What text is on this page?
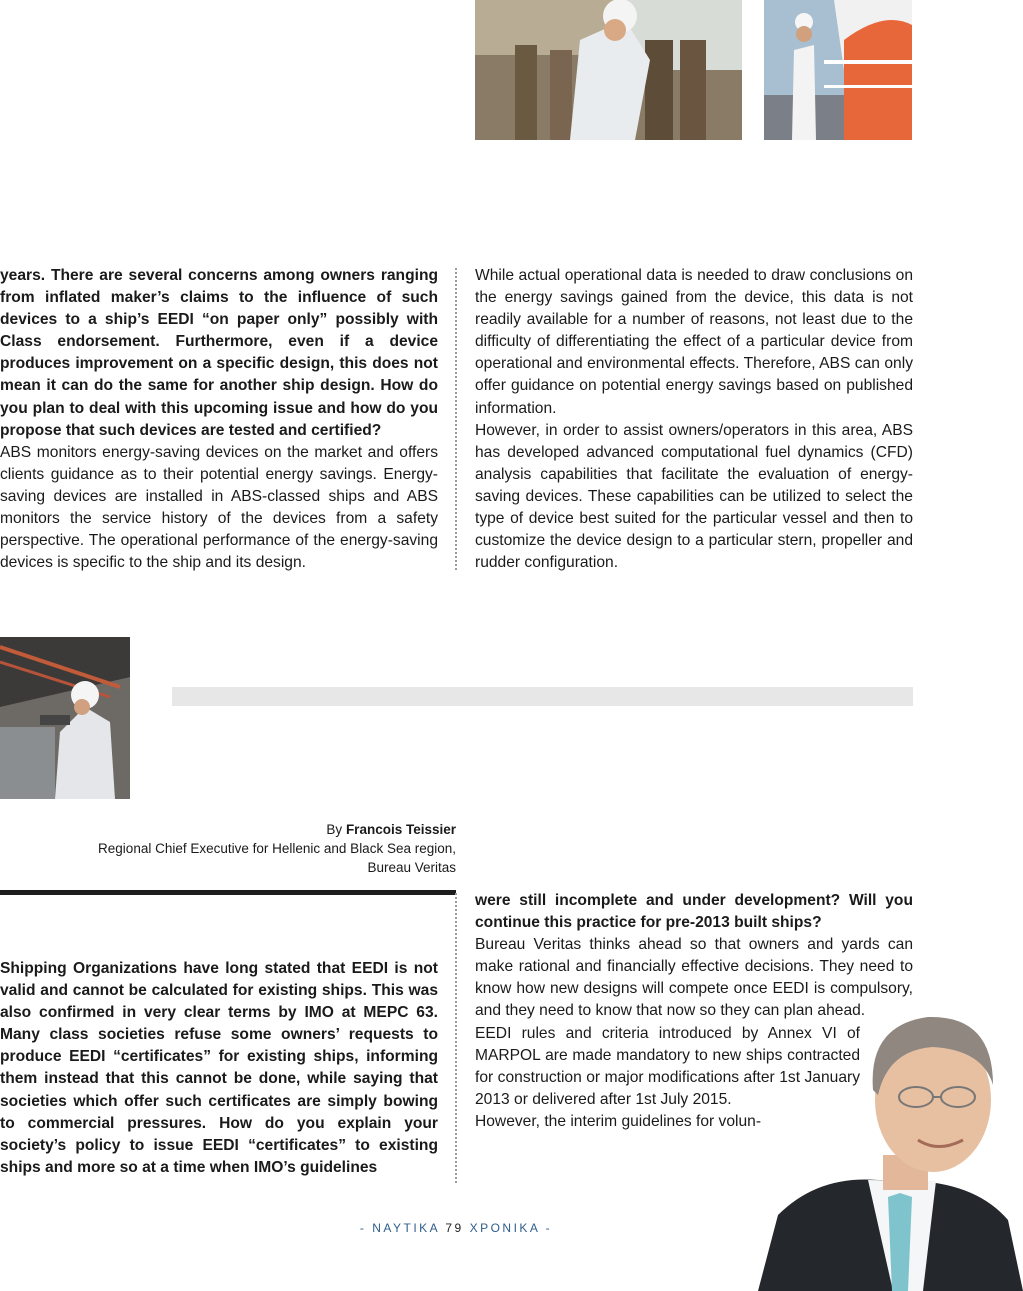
years. There are several concerns among owners ranging from inflated maker’s claims to the influence of such devices to a ship’s EEDI “on paper only” possibly with Class endorsement. Furthermore, even if a device produces improvement on a specific design, this does not mean it can do the same for another ship design. How do you plan to deal with this upcoming issue and how do you propose that such devices are tested and certified?

ABS monitors energy-saving devices on the market and offers clients guidance as to their potential energy savings. Energy-saving devices are installed in ABS-classed ships and ABS monitors the service history of the devices from a safety perspective. The operational performance of the energy-saving devices is specific to the ship and its design.

While actual operational data is needed to draw conclusions on the energy savings gained from the device, this data is not readily available for a number of reasons, not least due to the difficulty of differentiating the effect of a particular device from operational and environmental effects. Therefore, ABS can only offer guidance on potential energy savings based on published information.

However, in order to assist owners/operators in this area, ABS has developed advanced computational fuel dynamics (CFD) analysis capabilities that facilitate the evaluation of energy-saving devices. These capabilities can be utilized to select the type of device best suited for the particular vessel and then to customize the device design to a particular stern, propeller and rudder configuration.

By Francois Teissier

Regional Chief Executive for Hellenic and Black Sea region,

Bureau Veritas

Shipping Organizations have long stated that EEDI is not valid and cannot be calculated for existing ships. This was also confirmed in very clear terms by IMO at MEPC 63. Many class societies refuse some owners’ requests to produce EEDI “certificates” for existing ships, informing them instead that this cannot be done, while saying that societies which offer such certificates are simply bowing to commercial pressures. How do you explain your society’s policy to issue EEDI “certificates” to existing ships and more so at a time when IMO’s guidelines

were still incomplete and under development? Will you continue this practice for pre-2013 built ships?

Bureau Veritas thinks ahead so that owners and yards can make rational and financially effective decisions. They need to know how new designs will compete once EEDI is compulsory, and they need to know that now so they can plan ahead.

EEDI rules and criteria introduced by Annex VI of MARPOL are made mandatory to new ships contracted for construction or major modifications after 1st January 2013 or delivered after 1st July 2015.

However, the interim guidelines for volun-

- ΝΑΥΤΙΚΑ 79 ΧΡΟΝΙΚΑ -
